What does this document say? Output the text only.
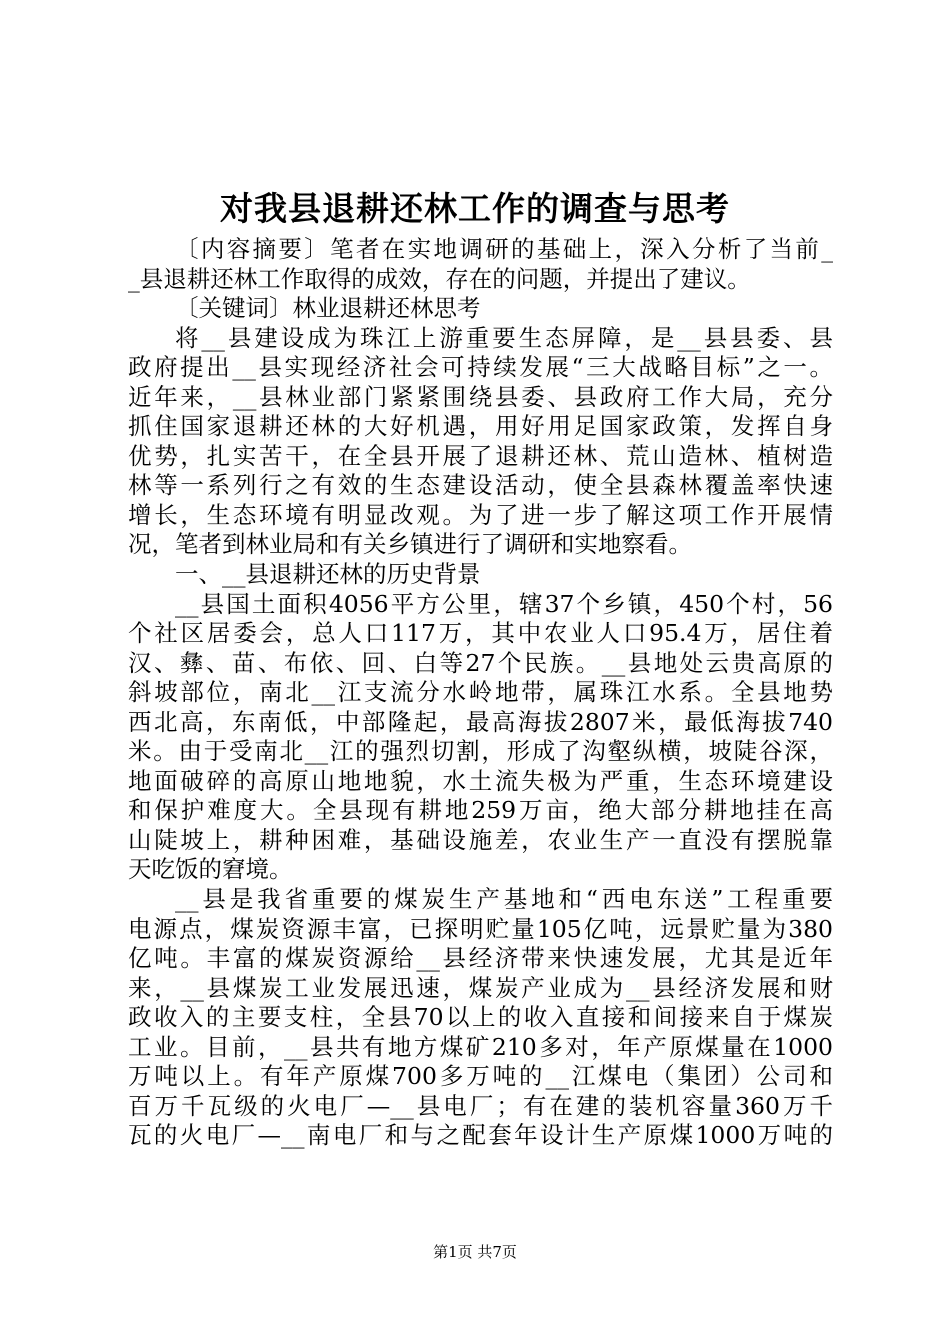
对我县退耕还林工作的调查与思考
〔内容摘要〕笔者在实地调研的基础上，深入分析了当前_
_县退耕还林工作取得的成效，存在的问题，并提出了建议。
〔关键词〕林业退耕还林思考
将__县建设成为珠江上游重要生态屏障，是__县县委、县
政府提出__县实现经济社会可持续发展“三大战略目标”之一。
近年来，__县林业部门紧紧围绕县委、县政府工作大局，充分
抓住国家退耕还林的大好机遇，用好用足国家政策，发挥自身
优势，扎实苦干，在全县开展了退耕还林、荒山造林、植树造
林等一系列行之有效的生态建设活动，使全县森林覆盖率快速
增长，生态环境有明显改观。为了进一步了解这项工作开展情
况，笔者到林业局和有关乡镇进行了调研和实地察看。
一、__县退耕还林的历史背景
__县国土面积4056平方公里，辖37个乡镇，450个村，56
个社区居委会，总人口117万，其中农业人口95.4万，居住着
汉、彝、苗、布依、回、白等27个民族。__县地处云贵高原的
斜坡部位，南北__江支流分水岭地带，属珠江水系。全县地势
西北高，东南低，中部隆起，最高海拔2807米，最低海拔740
米。由于受南北__江的强烈切割，形成了沟壑纵横，坡陡谷深，
地面破碎的高原山地地貌，水土流失极为严重，生态环境建设
和保护难度大。全县现有耕地259万亩，绝大部分耕地挂在高
山陡坡上，耕种困难，基础设施差，农业生产一直没有摆脱靠
天吃饭的窘境。
__县是我省重要的煤炭生产基地和“西电东送”工程重要
电源点，煤炭资源丰富，已探明贮量105亿吨，远景贮量为380
亿吨。丰富的煤炭资源给__县经济带来快速发展，尤其是近年
来，__县煤炭工业发展迅速，煤炭产业成为__县经济发展和财
政收入的主要支柱，全县70以上的收入直接和间接来自于煤炭
工业。目前，__县共有地方煤矿210多对，年产原煤量在1000
万吨以上。有年产原煤700多万吨的__江煤电（集团）公司和
百万千瓦级的火电厂—__县电厂；有在建的装机容量360万千
瓦的火电厂—__南电厂和与之配套年设计生产原煤1000万吨的
第1页 共7页
